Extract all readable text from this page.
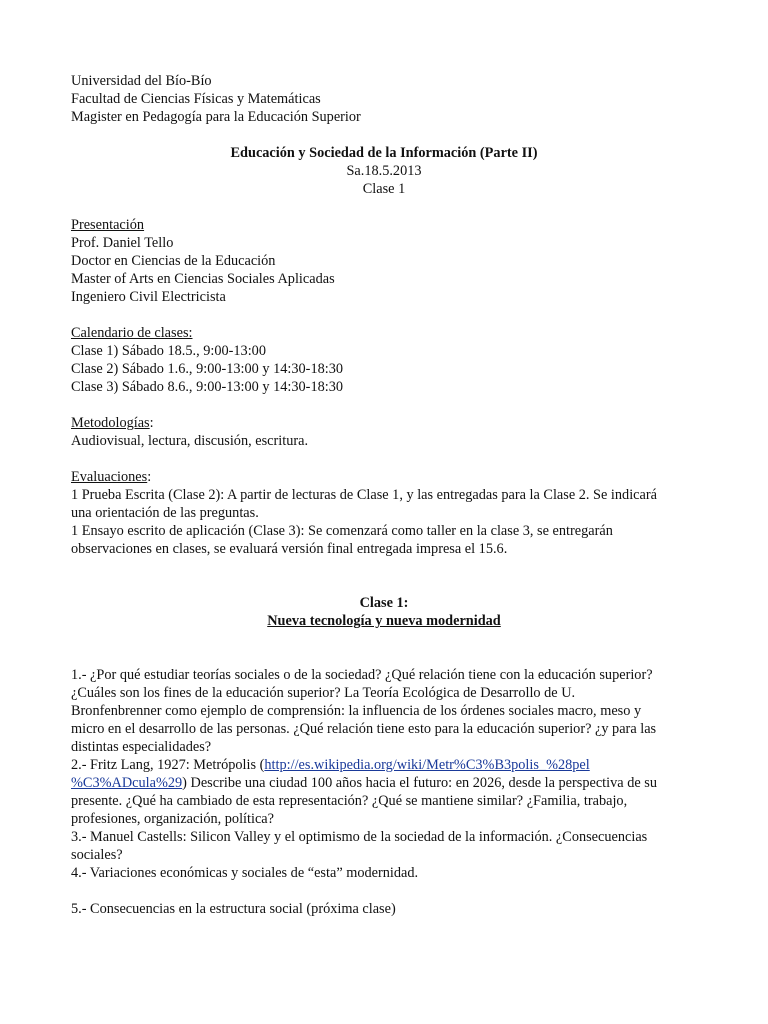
Universidad del Bío-Bío
Facultad de Ciencias Físicas y Matemáticas
Magister en Pedagogía para la Educación Superior
Educación y Sociedad de la Información (Parte II)
Sa.18.5.2013
Clase 1
Presentación
Prof. Daniel Tello
Doctor en Ciencias de la Educación
Master of Arts en Ciencias Sociales Aplicadas
Ingeniero Civil Electricista
Calendario de clases:
Clase 1) Sábado 18.5., 9:00-13:00
Clase 2) Sábado 1.6., 9:00-13:00 y 14:30-18:30
Clase 3) Sábado 8.6., 9:00-13:00 y 14:30-18:30
Metodologías:
Audiovisual, lectura, discusión, escritura.
Evaluaciones:
1 Prueba Escrita (Clase 2): A partir de lecturas de Clase 1, y las entregadas para la Clase 2. Se indicará
una orientación de las preguntas.
1 Ensayo escrito de aplicación (Clase 3): Se comenzará como taller en la clase 3, se entregarán
observaciones en clases, se evaluará versión final entregada impresa el 15.6.
Clase 1:
Nueva tecnología y nueva modernidad
1.- ¿Por qué estudiar teorías sociales o de la sociedad? ¿Qué relación tiene con la educación superior?
¿Cuáles son los fines de la educación superior? La Teoría Ecológica de Desarrollo de U.
Bronfenbrenner como ejemplo de comprensión: la influencia de los órdenes sociales macro, meso y
micro en el desarrollo de las personas. ¿Qué relación tiene esto para la educación superior? ¿y para las
distintas especialidades?
2.- Fritz Lang, 1927: Metrópolis (http://es.wikipedia.org/wiki/Metr%C3%B3polis_%28pel
%C3%ADcula%29) Describe una ciudad 100 años hacia el futuro: en 2026, desde la perspectiva de su
presente. ¿Qué ha cambiado de esta representación? ¿Qué se mantiene similar? ¿Familia, trabajo,
profesiones, organización, política?
3.- Manuel Castells: Silicon Valley y el optimismo de la sociedad de la información. ¿Consecuencias
sociales?
4.- Variaciones económicas y sociales de “esta” modernidad.
5.- Consecuencias en la estructura social (próxima clase)
